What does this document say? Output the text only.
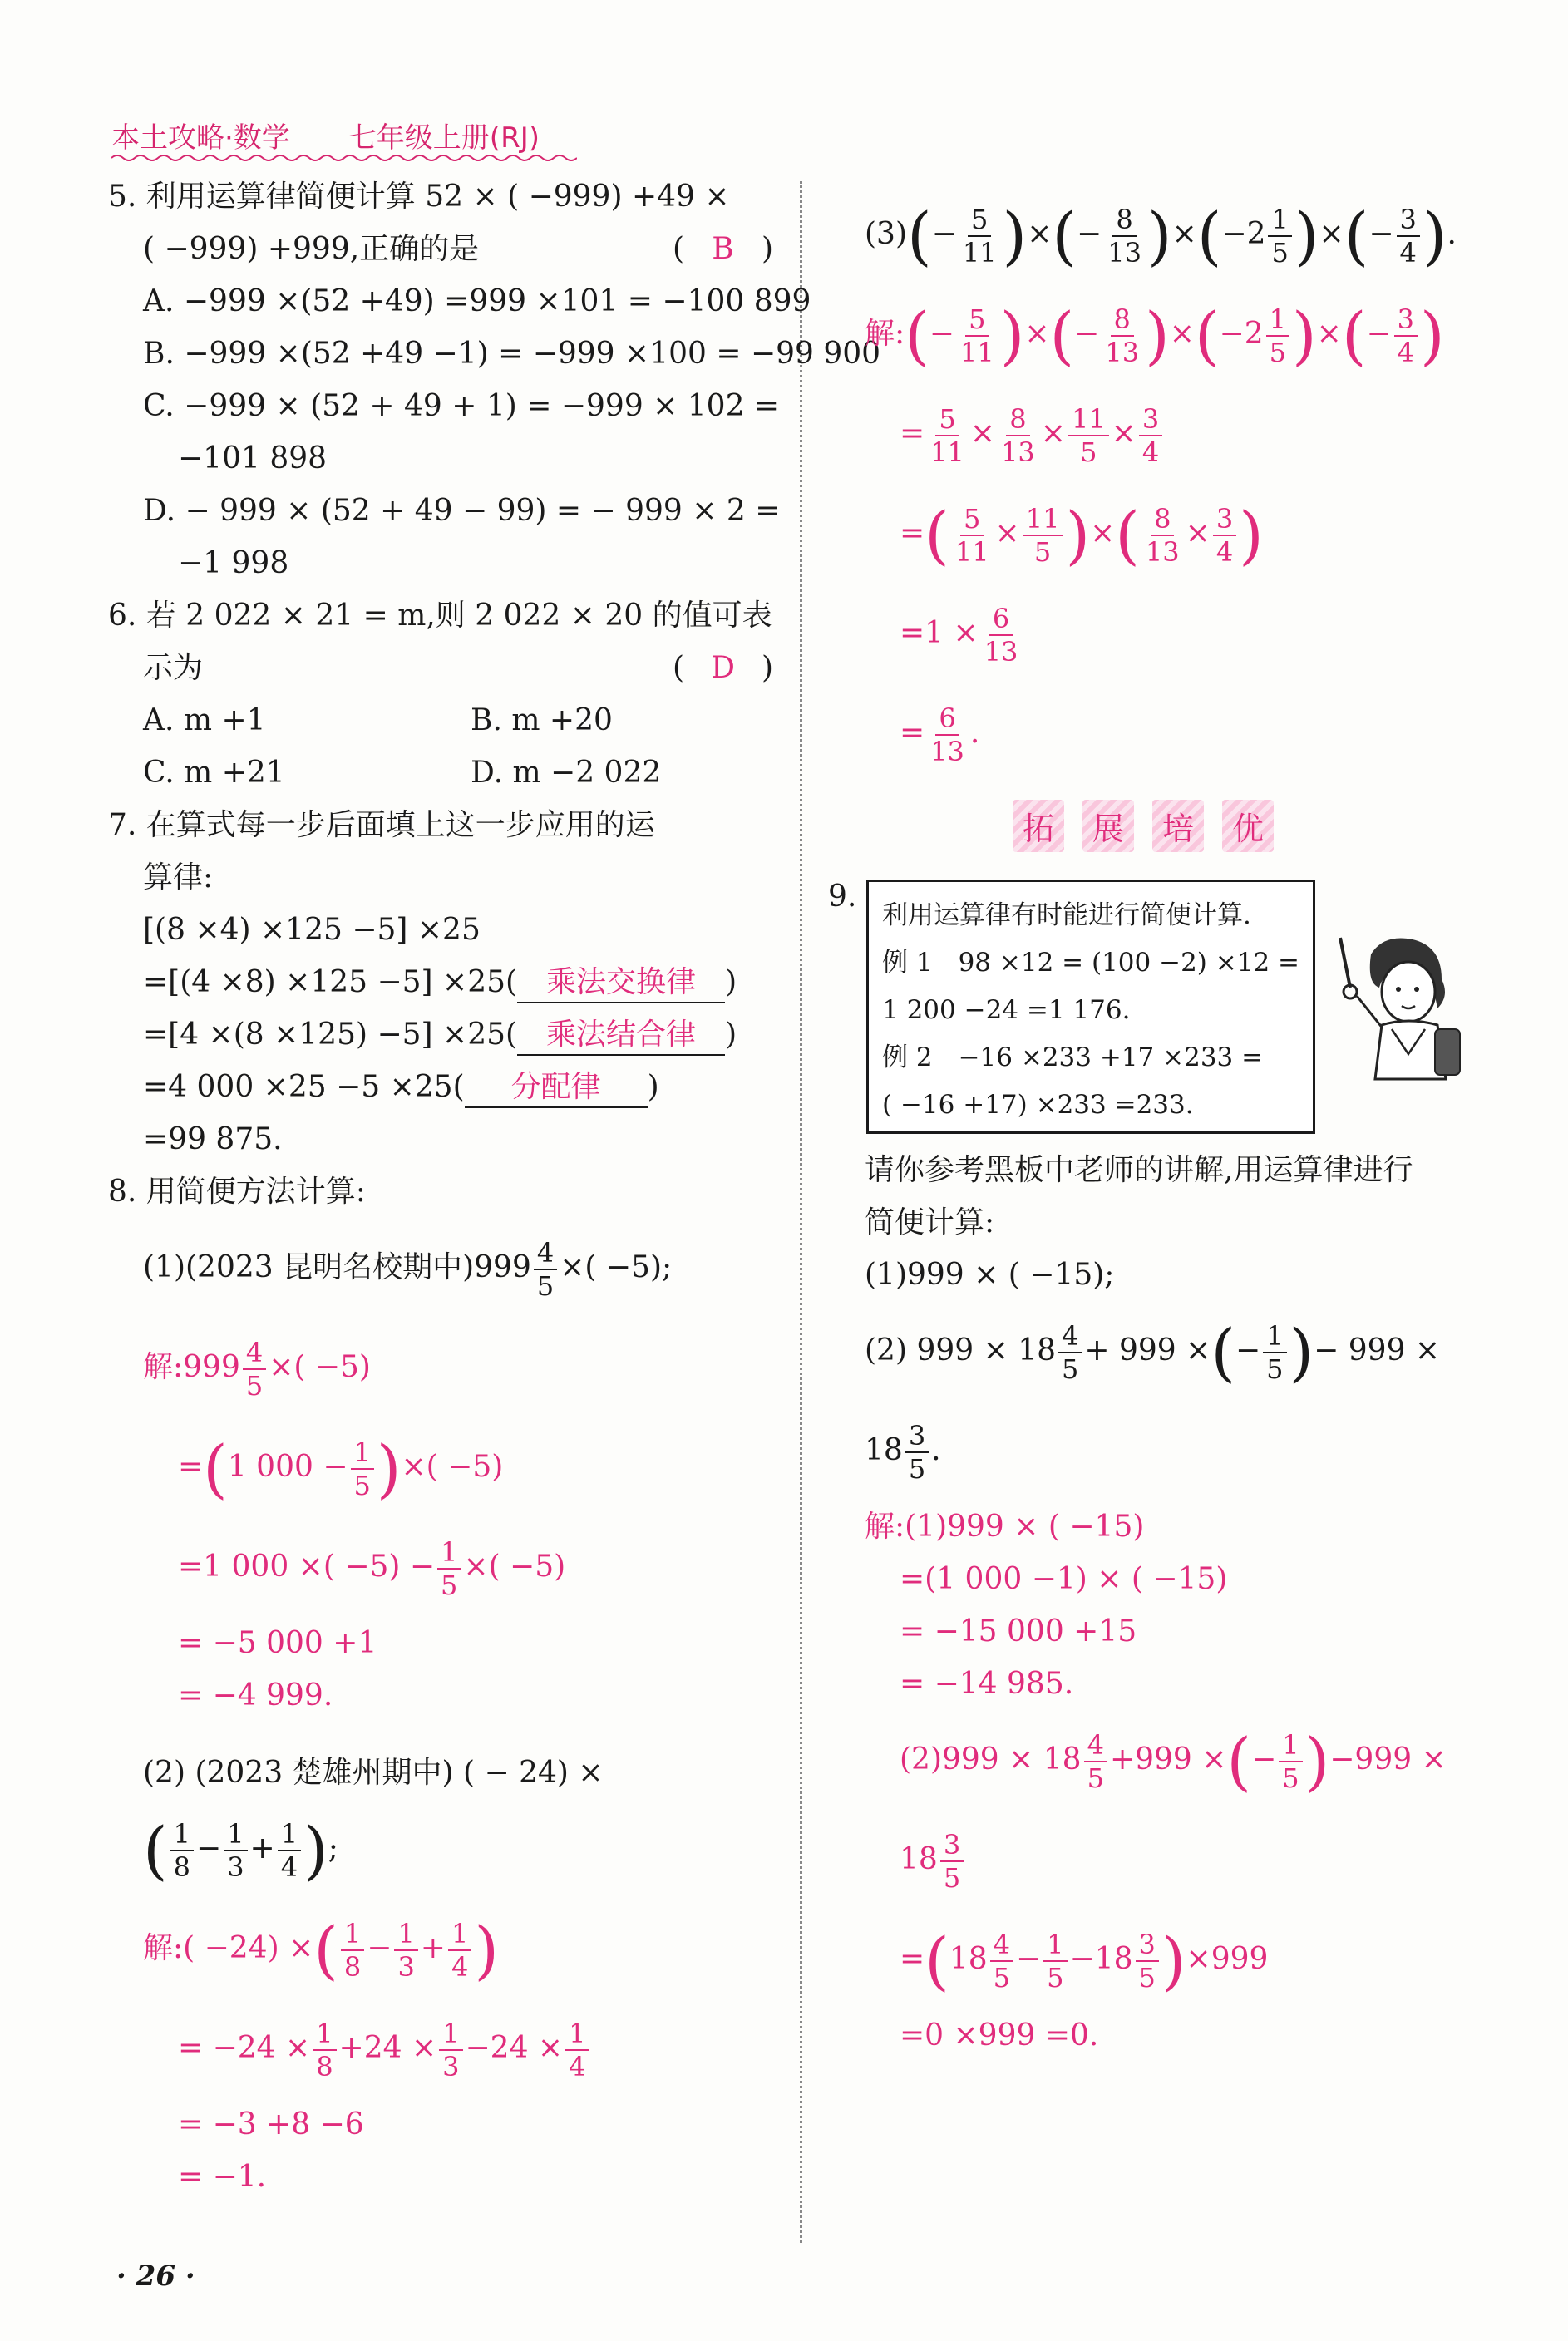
本土攻略·数学 七年级上册(RJ)
5. 利用运算律简便计算 52 × ( −999) +49 ×
( −999) +999,正确的是	( B )
A. −999 ×(52 +49) =999 ×101 = −100 899
B. −999 ×(52 +49 −1) = −999 ×100 = −99 900
C. −999 × (52 + 49 + 1) = −999 × 102 =
−101 898
D. − 999 × (52 + 49 − 99) = − 999 × 2 =
−1 998
6. 若 2 022 × 21 = m,则 2 022 × 20 的值可表
示为	( D )
A. m +1	B. m +20
C. m +21	D. m −2 022
7. 在算式每一步后面填上这一步应用的运
算律:
[(8 ×4) ×125 −5] ×25
=[(4 ×8) ×125 −5] ×25( 乘法交换律 )
=[4 ×(8 ×125) −5] ×25( 乘法结合律 )
=4 000 ×25 −5 ×25( 分配律 )
=99 875.
8. 用简便方法计算:
(1)(2023 昆明名校期中)$999 \frac{4}{5}$ ×( −5);
解:999 $\frac{4}{5}$ ×( −5)
=(1 $000 - \frac{1}{5}$ )×( −5)
=1 000 ×( $-5) - \frac{1}{5}$ ×( −5)
= −5 000 +1
= −4 999.
(2) (2023 楚雄州期中) ( − 24) ×
( $\frac{1}{8} - \frac{1}{3} + \frac{1}{4}$ );
解:( −24) ×( $\frac{1}{8} - \frac{1}{3} + \frac{1}{4}$ )
= $-24 \times \frac{1}{8} +24 \times \frac{1}{3} -24 \times \frac{1}{4}$
= −3 +8 −6
= −1.
$(3)(- \frac{5}{11}$ )×(− $\frac{8}{13} )\times(-2 \frac{1}{5}$ )×(− $\frac{3}{4}$ ).
解:(− $\frac{5}{11}$ )×(− $\frac{8}{13} )\times(-2 \frac{1}{5}$ )×(− $\frac{3}{4}$ )
= $\frac{5}{11} \times \frac{8}{13} \times \frac{11}{5} \times \frac{3}{4}$
=( $\frac{5}{11} \times \frac{11}{5}$ )×( $\frac{8}{13} \times \frac{3}{4}$ )
$=1 \times \frac{6}{13}$
= $\frac{6}{13}$ .
拓	展	培	优
9.
利用运算律有时能进行简便计算.
例 1　98 ×12 = (100 −2) ×12 =
1 200 −24 =1 176.
例 2　−16 ×233 +17 ×233 =
( −16 +17) ×233 =233.
请你参考黑板中老师的讲解,用运算律进行
简便计算:
(1)999 × ( −15);
(2) $999 \times 18 \frac{4}{5} + 999$ ×(− $\frac{1}{5}$ )− 999 ×
$18 \frac{3}{5}$ .
解:(1)999 × ( −15)
=(1 000 −1) × ( −15)
= −15 000 +15
= −14 985.
$(2)999 \times 18 \frac{4}{5} +999$ ×(− $\frac{1}{5} )-999$ ×
$18 \frac{3}{5}$
$=(18 \frac{4}{5} - \frac{1}{5} -18 \frac{3}{5} )\times 999$
=0 ×999 =0.
· 26 ·
